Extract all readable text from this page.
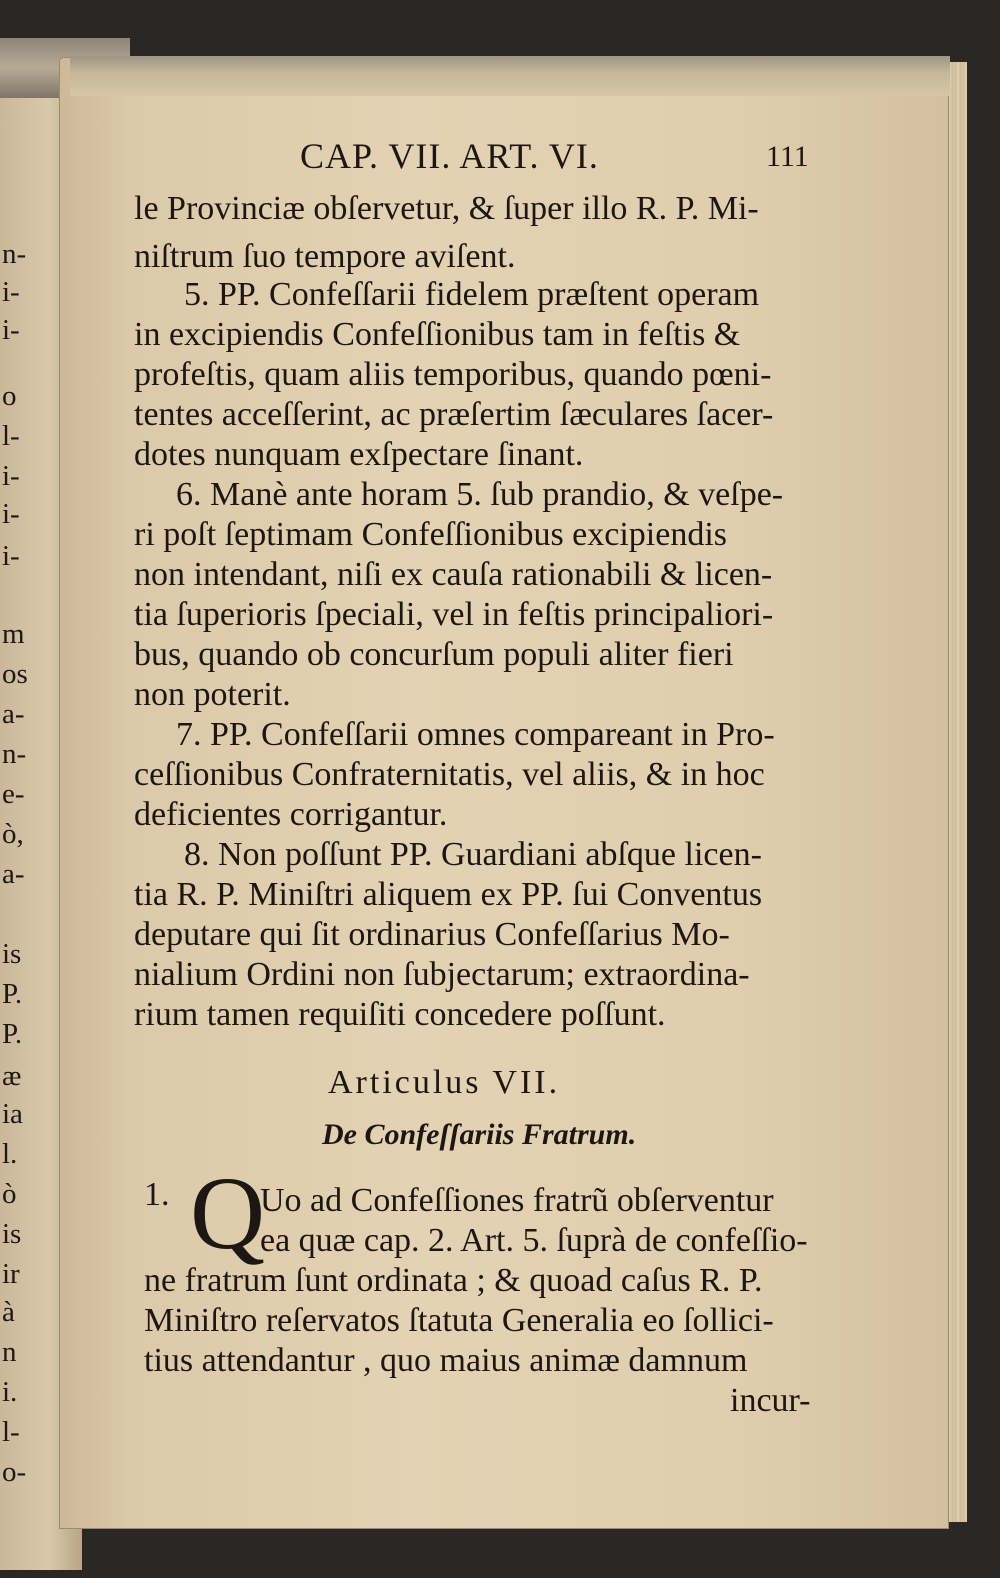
n-
i-
i-
o
l-
i-
i-
i-
m
os
a-
n-
e-
ò,
a-
is
P.
P.
æ
ia
l.
ò
is
ir
à
n
i.
l-
o-
CAP. VII. ART. VI.	111
le Provinciæ obſervetur, & ſuper illo R. P. Mi-
niſtrum ſuo tempore aviſent.
5. PP. Confeſſarii fidelem præſtent operam
in excipiendis Confeſſionibus tam in feſtis &
profeſtis, quam aliis temporibus, quando pœni-
tentes acceſſerint, ac præſertim ſæculares ſacer-
dotes nunquam exſpectare ſinant.
6. Manè ante horam 5. ſub prandio, & veſpe-
ri poſt ſeptimam Confeſſionibus excipiendis
non intendant, niſi ex cauſa rationabili & licen-
tia ſuperioris ſpeciali, vel in feſtis principaliori-
bus, quando ob concurſum populi aliter fieri
non poterit.
7. PP. Confeſſarii omnes compareant in Pro-
ceſſionibus Confraternitatis, vel aliis, & in hoc
deficientes corrigantur.
8. Non poſſunt PP. Guardiani abſque licen-
tia R. P. Miniſtri aliquem ex PP. ſui Conventus
deputare qui ſit ordinarius Confeſſarius Mo-
nialium Ordini non ſubjectarum; extraordina-
rium tamen requiſiti concedere poſſunt.
Articulus VII.
De Confeſſariis Fratrum.
1. Q
Uo ad Confeſſiones fratrũ obſerventur
ea quæ cap. 2. Art. 5. ſuprà de confeſſio-
ne fratrum ſunt ordinata ; & quoad caſus R. P.
Miniſtro reſervatos ſtatuta Generalia eo ſollici-
tius attendantur , quo maius animæ damnum
incur-
